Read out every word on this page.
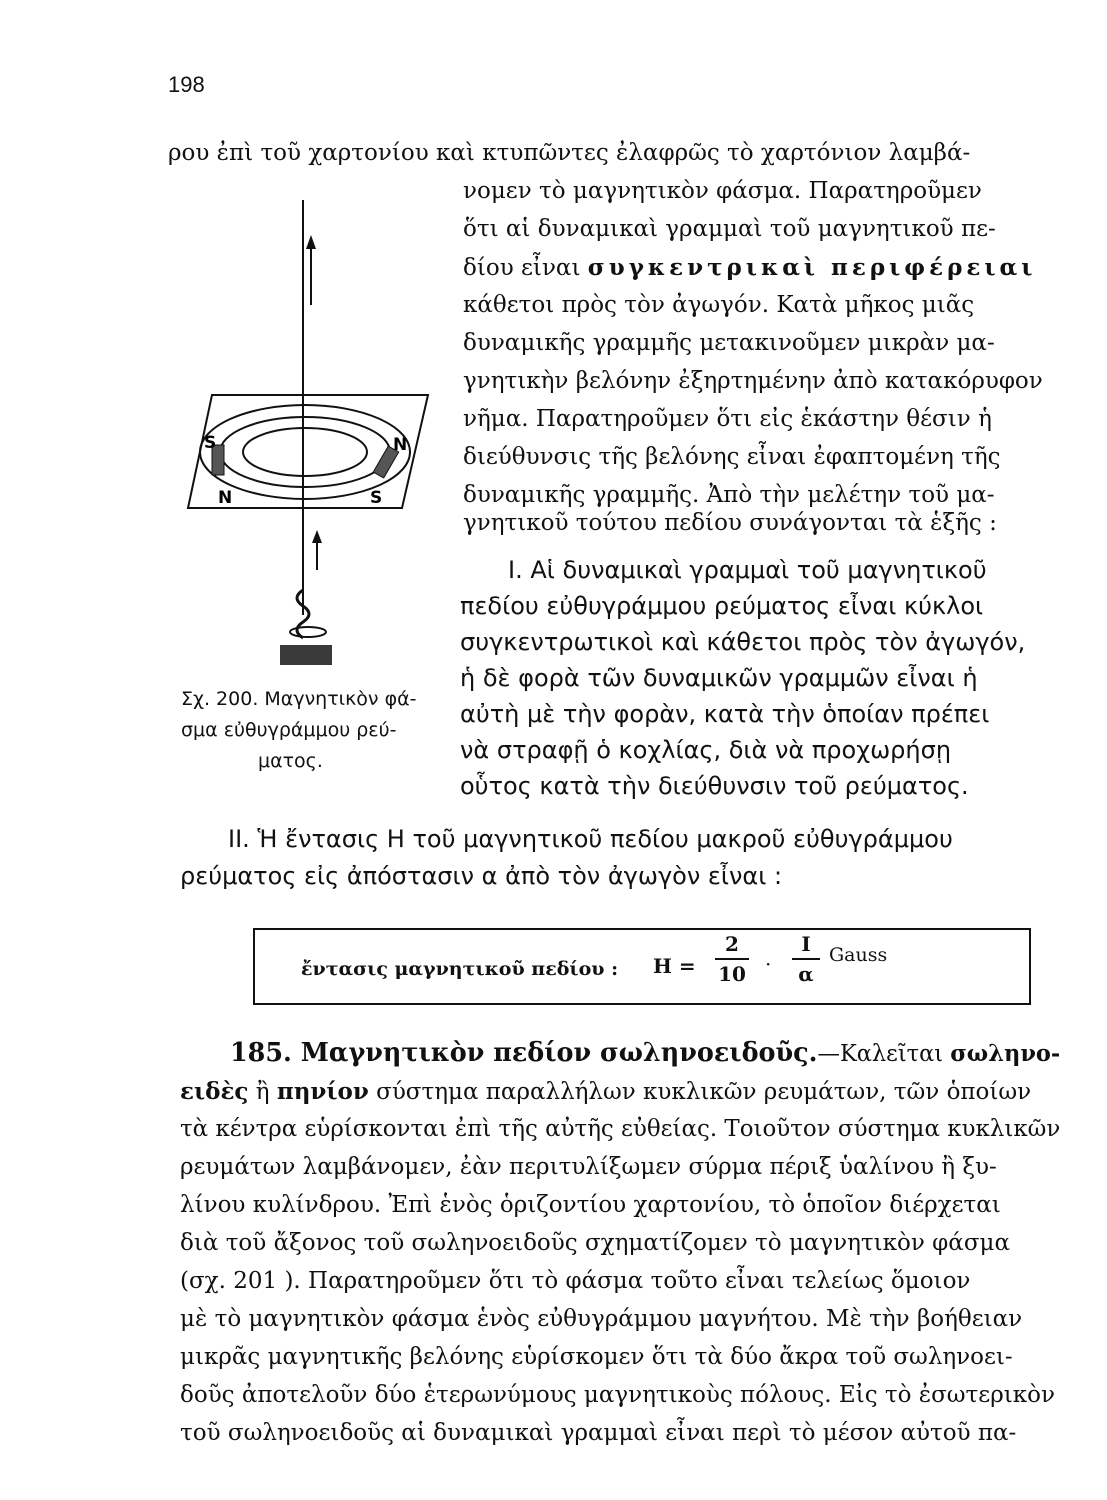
198
ρου ἐπὶ τοῦ χαρτονίου καὶ κτυπῶντες ἐλαφρῶς τὸ χαρτόνιον λαμβά-
νομεν τὸ μαγνητικὸν φάσμα. Παρατηροῦμεν
ὅτι αἱ δυναμικαὶ γραμμαὶ τοῦ μαγνητικοῦ πε-
δίου εἶναι συγκεντρικαὶ περιφέρειαι
κάθετοι πρὸς τὸν ἀγωγόν. Κατὰ μῆκος μιᾶς
δυναμικῆς γραμμῆς μετακινοῦμεν μικρὰν μα-
γνητικὴν βελόνην ἐξηρτημένην ἀπὸ κατακόρυφον
νῆμα. Παρατηροῦμεν ὅτι εἰς ἑκάστην θέσιν ἡ
διεύθυνσις τῆς βελόνης εἶναι ἐφαπτομένη τῆς
δυναμικῆς γραμμῆς. Ἀπὸ τὴν μελέτην τοῦ μα-
γνητικοῦ τούτου πεδίου συνάγονται τὰ ἑξῆς :
S
N
N
S
Σχ. 200. Μαγνητικὸν φά-
σμα εὐθυγράμμου ρεύ-
ματος.
Ι. Αἱ δυναμικαὶ γραμμαὶ τοῦ μαγνητικοῦ
πεδίου εὐθυγράμμου ρεύματος εἶναι κύκλοι
συγκεντρωτικοὶ καὶ κάθετοι πρὸς τὸν ἀγωγόν,
ἡ δὲ φορὰ τῶν δυναμικῶν γραμμῶν εἶναι ἡ
αὐτὴ μὲ τὴν φορὰν, κατὰ τὴν ὁποίαν πρέπει
νὰ στραφῇ ὁ κοχλίας, διὰ νὰ προχωρήσῃ
οὗτος κατὰ τὴν διεύθυνσιν τοῦ ρεύματος.
ΙΙ. Ἡ ἔντασις Η τοῦ μαγνητικοῦ πεδίου μακροῦ εὐθυγράμμου
ρεύματος εἰς ἀπόστασιν α ἀπὸ τὸν ἀγωγὸν εἶναι :
ἔντασις μαγνητικοῦ πεδίου : Η =
2
10 ·
Ι
α
Gauss
185. Μαγνητικὸν πεδίον σωληνοειδοῦς.—Καλεῖται σωληνο-
ειδὲς ἢ πηνίον σύστημα παραλλήλων κυκλικῶν ρευμάτων, τῶν ὁποίων
τὰ κέντρα εὑρίσκονται ἐπὶ τῆς αὐτῆς εὐθείας. Τοιοῦτον σύστημα κυκλικῶν
ρευμάτων λαμβάνομεν, ἐὰν περιτυλίξωμεν σύρμα πέριξ ὑαλίνου ἢ ξυ-
λίνου κυλίνδρου. Ἐπὶ ἑνὸς ὁριζοντίου χαρτονίου, τὸ ὁποῖον διέρχεται
διὰ τοῦ ἄξονος τοῦ σωληνοειδοῦς σχηματίζομεν τὸ μαγνητικὸν φάσμα
(σχ. 201 ). Παρατηροῦμεν ὅτι τὸ φάσμα τοῦτο εἶναι τελείως ὅμοιον
μὲ τὸ μαγνητικὸν φάσμα ἑνὸς εὐθυγράμμου μαγνήτου. Μὲ τὴν βοήθειαν
μικρᾶς μαγνητικῆς βελόνης εὑρίσκομεν ὅτι τὰ δύο ἄκρα τοῦ σωληνοει-
δοῦς ἀποτελοῦν δύο ἑτερωνύμους μαγνητικοὺς πόλους. Εἰς τὸ ἐσωτερικὸν
τοῦ σωληνοειδοῦς αἱ δυναμικαὶ γραμμαὶ εἶναι περὶ τὸ μέσον αὐτοῦ πα-
